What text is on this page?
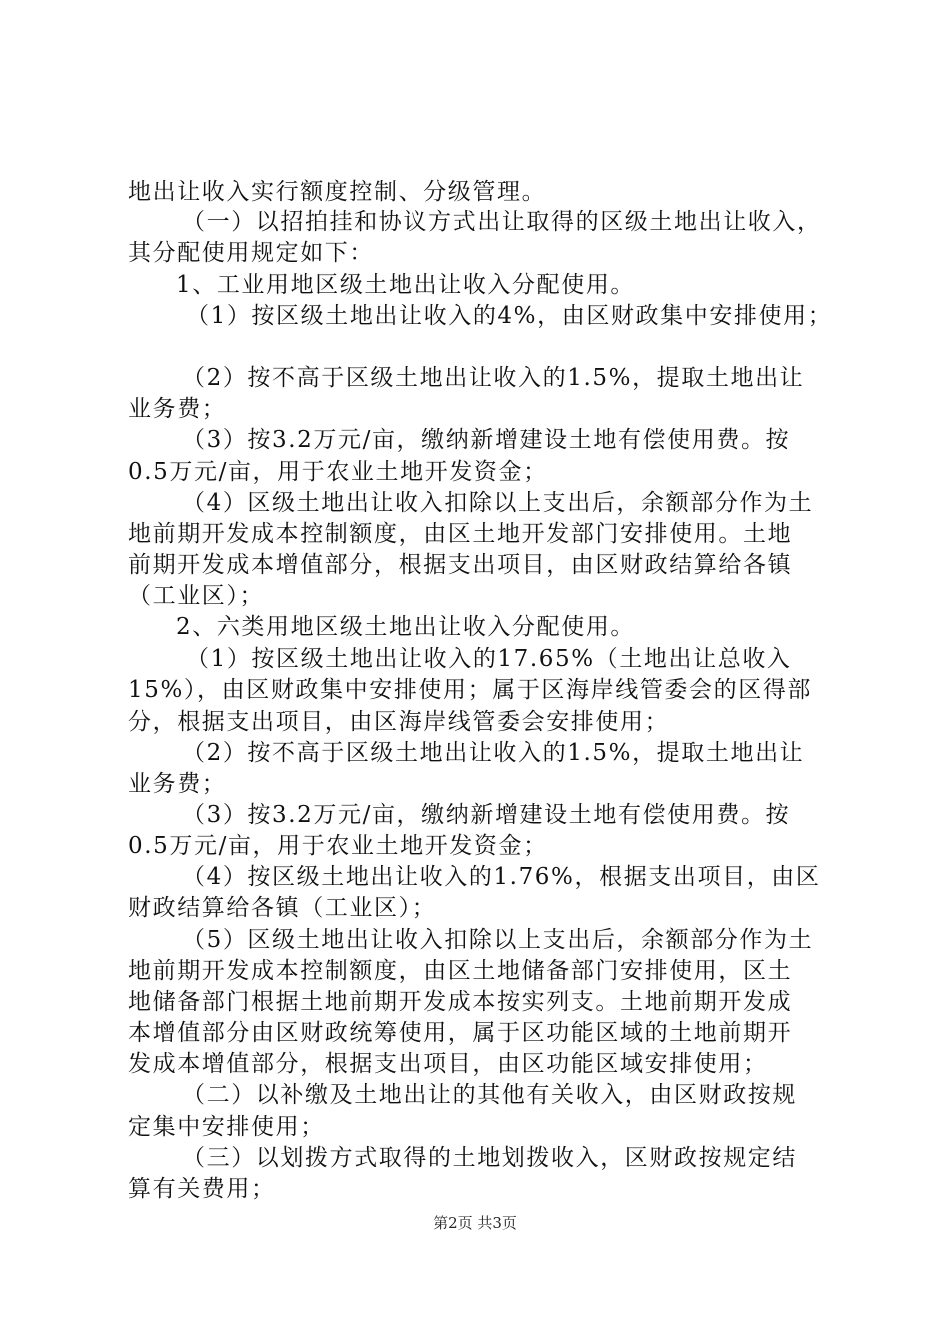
地出让收入实行额度控制、分级管理。
（一）以招拍挂和协议方式出让取得的区级土地出让收入，
其分配使用规定如下：
1、工业用地区级土地出让收入分配使用。
（1）按区级土地出让收入的4%，由区财政集中安排使用；
（2）按不高于区级土地出让收入的1.5%，提取土地出让
业务费；
（3）按3.2万元/亩，缴纳新增建设土地有偿使用费。按
0.5万元/亩，用于农业土地开发资金；
（4）区级土地出让收入扣除以上支出后，余额部分作为土
地前期开发成本控制额度，由区土地开发部门安排使用。土地
前期开发成本增值部分，根据支出项目，由区财政结算给各镇
（工业区）；
2、六类用地区级土地出让收入分配使用。
（1）按区级土地出让收入的17.65%（土地出让总收入
15%），由区财政集中安排使用；属于区海岸线管委会的区得部
分，根据支出项目，由区海岸线管委会安排使用；
（2）按不高于区级土地出让收入的1.5%，提取土地出让
业务费；
（3）按3.2万元/亩，缴纳新增建设土地有偿使用费。按
0.5万元/亩，用于农业土地开发资金；
（4）按区级土地出让收入的1.76%，根据支出项目，由区
财政结算给各镇（工业区）；
（5）区级土地出让收入扣除以上支出后，余额部分作为土
地前期开发成本控制额度，由区土地储备部门安排使用，区土
地储备部门根据土地前期开发成本按实列支。土地前期开发成
本增值部分由区财政统筹使用，属于区功能区域的土地前期开
发成本增值部分，根据支出项目，由区功能区域安排使用；
（二）以补缴及土地出让的其他有关收入，由区财政按规
定集中安排使用；
（三）以划拨方式取得的土地划拨收入，区财政按规定结
算有关费用；
第2页 共3页
